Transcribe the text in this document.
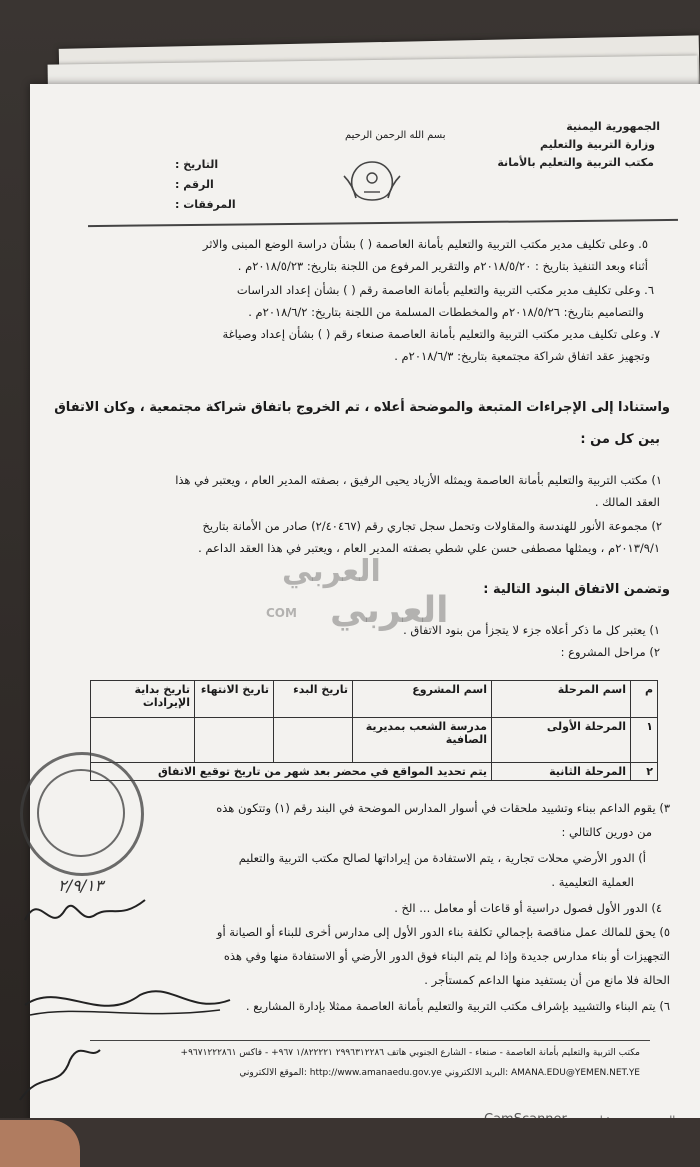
الجمهورية اليمنية
وزارة التربية والتعليم
مكتب التربية والتعليم بالأمانة
بسم الله الرحمن الرحيم
التاريخ :
الرقم :
المرفقات :
٥. وعلى تكليف مدير مكتب التربية والتعليم بأمانة العاصمة ( ) بشأن دراسة الوضع المبنى والاثر
أثناء وبعد التنفيذ بتاريخ : ٢٠١٨/٥/٢٠م والتقرير المرفوع من اللجنة بتاريخ: ٢٠١٨/٥/٢٣م .
٦. وعلى تكليف مدير مكتب التربية والتعليم بأمانة العاصمة رقم ( ) بشأن إعداد الدراسات
والتصاميم بتاريخ: ٢٠١٨/٥/٢٦م والمخططات المسلمة من اللجنة بتاريخ: ٢٠١٨/٦/٢م .
٧. وعلى تكليف مدير مكتب التربية والتعليم بأمانة العاصمة صنعاء رقم ( ) بشأن إعداد وصياغة
وتجهيز عقد اتفاق شراكة مجتمعية بتاريخ: ٢٠١٨/٦/٣م .
واستنادا إلى الإجراءات المتبعة والموضحة أعلاه ، تم الخروج باتفاق شراكة مجتمعية ، وكان الاتفاق
بين كل من :
١) مكتب التربية والتعليم بأمانة العاصمة ويمثله الأزياد يحيى الرفيق ، بصفته المدير العام ، ويعتبر في هذا
العقد المالك .
٢) مجموعة الأنور للهندسة والمقاولات وتحمل سجل تجاري رقم (٢/٤٠٤٦٧) صادر من الأمانة بتاريخ
٢٠١٣/٩/١م ، ويمثلها مصطفى حسن علي شطي بصفته المدير العام ، ويعتبر في هذا العقد الداعم .
العربي
العربي
COM
وتضمن الاتفاق البنود التالية :
١) يعتبر كل ما ذكر أعلاه جزء لا يتجزأ من بنود الاتفاق .
٢) مراحل المشروع :
م	اسم المرحلة	اسم المشروع	تاريخ البدء	تاريخ الانتهاء	تاريخ بداية الإيرادات
١	المرحلة الأولى	مدرسة الشعب بمديرية الصافية			
٢	المرحلة الثانية	يتم تحديد المواقع في محضر بعد شهر من تاريخ توقيع الاتفاق			
٣) يقوم الداعم ببناء وتشييد ملحقات في أسوار المدارس الموضحة في البند رقم (١) وتتكون هذه
من دورين كالتالي :
أ) الدور الأرضي محلات تجارية ، يتم الاستفادة من إيراداتها لصالح مكتب التربية والتعليم
العملية التعليمية .
٤) الدور الأول فصول دراسية أو قاعات أو معامل ... الخ .
٥) يحق للمالك عمل مناقصة بإجمالي تكلفة بناء الدور الأول إلى مدارس أخرى للبناء أو الصيانة أو
التجهيزات أو بناء مدارس جديدة وإذا لم يتم البناء فوق الدور الأرضي أو الاستفادة منها وفي هذه
الحالة فلا مانع من أن يستفيد منها الداعم كمستأجر .
٦) يتم البناء والتشييد بإشراف مكتب التربية والتعليم بأمانة العاصمة ممثلا بإدارة المشاريع .
٢/٩/١٣
مكتب التربية والتعليم بأمانة العاصمة - صنعاء - الشارع الجنوبي هاتف ٢٩٩٦٣١٢٢٨٦ ١/٨٢٢٢٢١ ٩٦٧+ - فاكس ٩٦٧١٢٢٢٨٦١+
AMANA.EDU@YEMEN.NET.YE :البريد الالكتروني http://www.amanaedu.gov.ye :الموقع الالكتروني
